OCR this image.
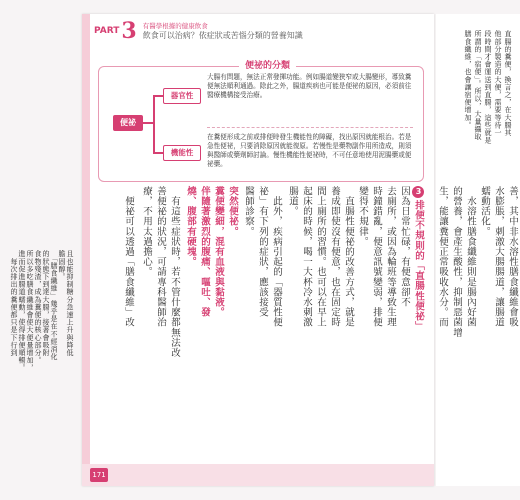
PART 3 有醫學根據的健康飲食
飲食可以治病？依症狀或苦惱分類的營養知識
便祕的分類
便祕
器官性
大腸有問題，無法正常發揮功能。例如腸道變狹窄或大腸變形，導致糞便無法順利通過。除此之外，腸道疾病也可能是便祕的原因，必須前往醫療機構接受治療。
機能性
在糞便形成之前或排便時發生機能性的障礙，找出原因就能根治。若是急性便祕，只要消除原因就能復原。若慢性是藥物副作用所造成，則須與醫師或藥劑師討論。慢性機能性便祕時，不可任意地使用泥腸藥或便祕藥。
3排便不規則的「直腸性便祕」
因為日常忙碌，有便意卻不
去廁所，或因為輪班等導致生理
時鐘錯亂，便意訊號變弱，排便
變得不規律。
　直腸性便祕的改善方式，就是
養成即使沒有便意，也在固定時
間上廁所的習慣。也可以在早上
起床的時候，喝一大杯冷水刺激
腸道。
　此外，疾病引起的「器質性便
祕」有下列的症狀，應該接受
醫師診察。
突然便祕。
糞便變細，混有血液與黏液。
伴隨著激烈的腹痛、嘔吐、發
燒、腹部有硬塊。
　有這些症狀時，若不管什麼都無法改
善便祕的狀況，可請專科醫師治
療，不用太過擔心。
　便祕可以透過「膳食纖維」改
171
善，其中非水溶性膳食纖維會吸
水膨脹，刺激大腸腸道，讓腸道
蠕動活化。
　水溶性膳食纖維則是腸內好菌
的營養，會產生酸性，抑制惡菌增
生，能讓糞便正常吸收水分。而
且也能抑制糖分急速上升與降低
膽固醇。
　「膳食纖維」幾乎是在不經消化
的狀態下到達大腸，接著會吸附
食物殘渣，成為糞便的核心部分。
所以多吃膳食纖維會使大便量增加，
進而促進腸道蠕動，使得排便順暢。
　每次排出的糞便都只是下行到
直腸的糞便，換言之，在大腸其
他部分製造的大便，需要等待一
段時間才會運送到直腸，這些就是
所謂的「宿便」。所以，大量攝取
膳食纖維，也會讓宿便增加。
